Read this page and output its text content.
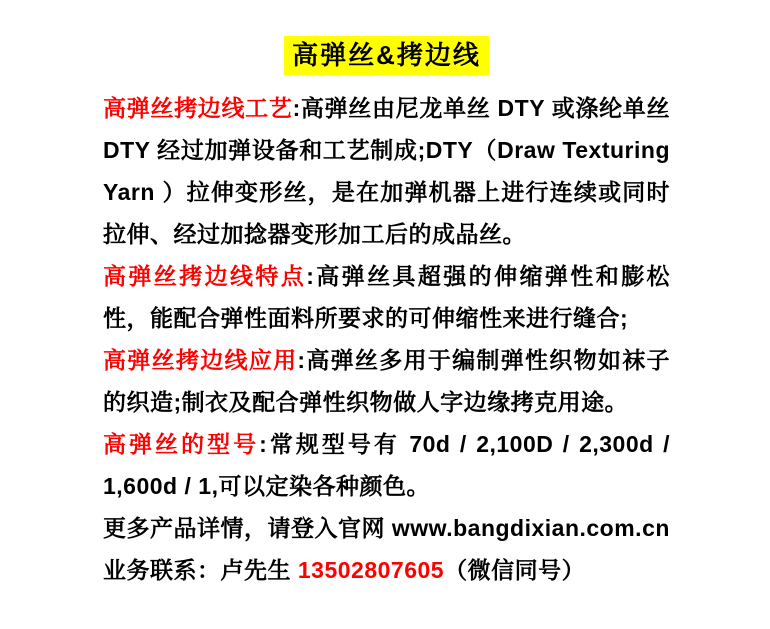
高弹丝&拷边线

高弹丝拷边线工艺:高弹丝由尼龙单丝 DTY 或涤纶单丝 DTY 经过加弹设备和工艺制成;DTY（Draw Texturing Yarn ）拉伸变形丝，是在加弹机器上进行连续或同时拉伸、经过加捻器变形加工后的成品丝。

高弹丝拷边线特点:高弹丝具超强的伸缩弹性和膨松性，能配合弹性面料所要求的可伸缩性来进行缝合;

高弹丝拷边线应用:高弹丝多用于编制弹性织物如袜子的织造;制衣及配合弹性织物做人字边缘拷克用途。

高弹丝的型号:常规型号有 70d / 2,100D / 2,300d / 1,600d / 1,可以定染各种颜色。

更多产品详情，请登入官网 www.bangdixian.com.cn

业务联系：卢先生 13502807605（微信同号）
